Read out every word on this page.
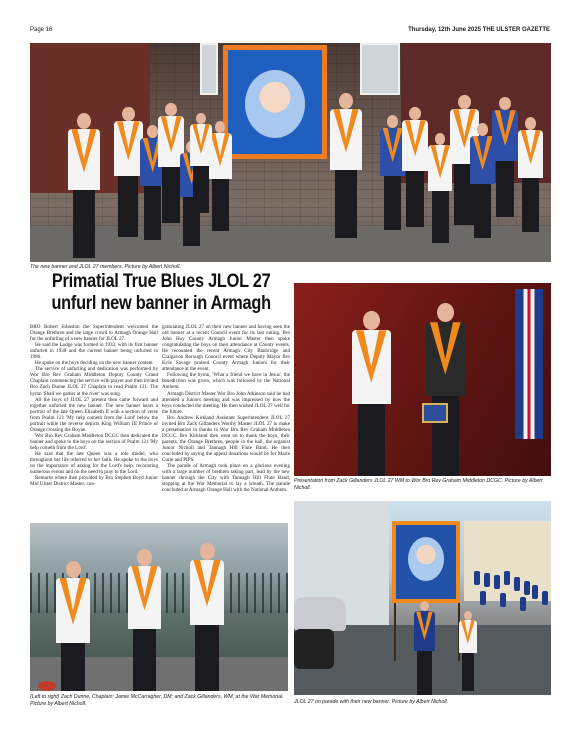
Page 16	Thursday, 12th June 2025 THE ULSTER GAZETTE
The new banner and JLOL 27 members. Picture by Albert Nicholl.
Primatial True Blues JLOL 27 unfurl new banner in Armagh

BRO Robert Johnston the Superintendent welcomed the Orange Brethren and the large crowd to Armagh Orange Hall for the unfurling of a new banner for JLOL 27.

He said the Lodge was formed in 1933, with its first banner unfurled in 1938 and the current banner being unfurled in 1986.

He spoke on the boys deciding on the new banner content.

The service of unfurling and dedication was performed by Wor Bro Rev Graham Middleton Deputy County Grand Chaplain commencing the service with prayer and then invited Bro Zach Dunne JLOL 27 Chaplain to read Psalm 121. The hymn 'Shall we gather at the river' was sung.

All the boys of JLOL 27 present then came forward and together unfurled the new banner. The new banner bears a portrait of the late Queen Elizabeth II with a section of verse from Psalm 121 'My help cometh from the Lord' below the portrait while the reverse depicts King William III Prince of Orange crossing the Boyne.

Wor Bro Rev Graham Middleton DCGC then dedicated the banner and spoke to the boys on the section of Psalm 121 'My help cometh from the Lord'.

He said that the late Queen was a role model, who throughout her life referred to her faith. He spoke to the boys on the importance of asking for the Lord's help, recounting numerous events and on the need to pray to the Lord.

Remarks where then provided by Bro Stephen Boyd Junior Mid Ulster District Master, con-

gratulating JLOL 27 on their new banner and having seen the old banner at a recent Council event for its last outing. Bro John Hoy County Armagh Junior Master then spoke congratulating the boys on their attendance at County events. He recounted the recent Armagh City Banbridge and Craigavon Borough Council event where Deputy Mayor Bro Kyle Savage praised County Armagh Juniors for their attendance at the event.

Following the hymn, 'What a friend we have in Jesus', the benediction was given, which was followed by the National Anthem.

Armagh District Master Wor Bro John Atkinson said he had attended a Juniors meeting and was impressed by how the boys conducted the meeting. He then wished JLOL 27 well for the future.

Bro Andrew Kirkland Assistant Superintendent JLOL 27 invited Bro Zack Gillanders Worthy Master JLOL 27 to make a presentation in thanks to Wor Bro Rev Graham Middleton DCGC. Bro Kirkland then went on to thank the boys, their parents, the Orange Brethren, people in the hall, the organist Junior Nicholl and Tannagh Hill Flute Band. He then concluded by saying the appeal donations would be for Marie Curie and PIPS.

The parade of Armagh took place on a glorious evening with a large number of brethren taking part, lead by the new banner through the City with Tannagh Hill Flute Band, stopping at the War Memorial to lay a wreath. The parade concluded at Armagh Orange Hall with the National Anthem.

Presentation from Zack Gillanders JLOL 27 WM to Wor Bro Rev Graham Middleton DCGC. Picture by Albert Nicholl.
(Left to right) Zach Dunne, Chaplain; Jamie McCarragher, DM; and Zack Gillanders, WM, at the War Memorial. Picture by Albert Nicholl.	JLOL 27 on parade with their new banner. Picture by Albert Nicholl.
